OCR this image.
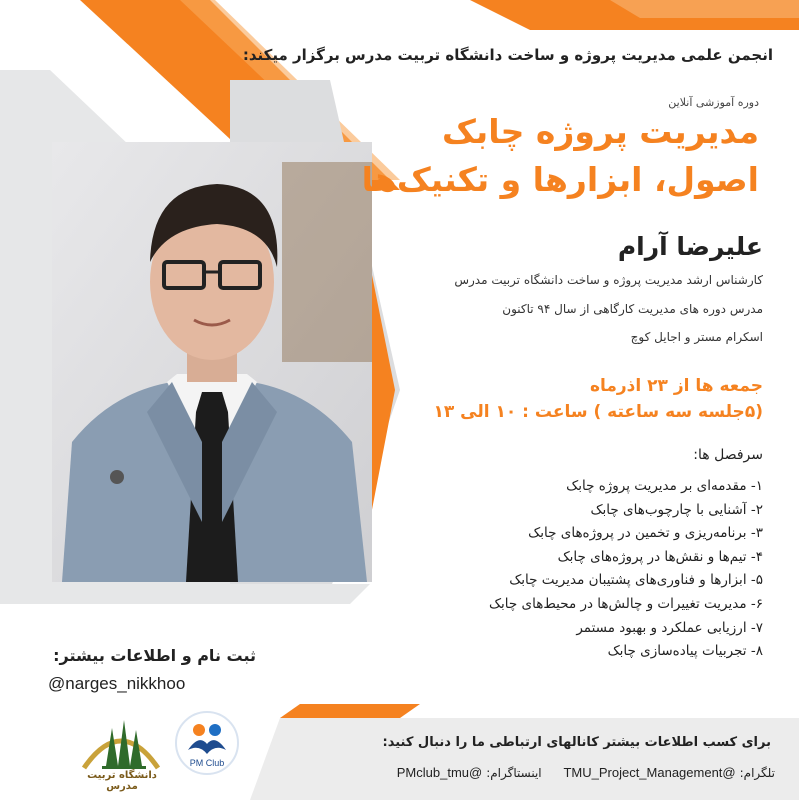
انجمن علمی مدیریت پروژه و ساخت دانشگاه تربیت مدرس برگزار میکند:
دوره آموزشی آنلاین
مدیریت پروژه چابک
اصول، ابزارها و تکنیک‌ها
علیرضا آرام
کارشناس ارشد مدیریت پروژه و ساخت دانشگاه تربیت مدرس
مدرس دوره های مدیریت کارگاهی از سال ۹۴ تاکنون
اسکرام مستر و اجایل کوچ
جمعه ها از ۲۳ اذرماه
(۵جلسه سه ساعته ) ساعت : ۱۰ الی ۱۳
سرفصل ها:
۱- مقدمه‌ای بر مدیریت پروژه چابک
۲- آشنایی با چارچوب‌های چابک
۳- برنامه‌ریزی و تخمین در پروژه‌های چابک
۴- تیم‌ها و نقش‌ها در پروژه‌های چابک
۵- ابزارها و فناوری‌های پشتیبان مدیریت چابک
۶- مدیریت تغییرات و چالش‌ها در محیط‌های چابک
۷- ارزیابی عملکرد و بهبود مستمر
۸- تجربیات پیاده‌سازی چابک
ثبت نام و اطلاعات بیشتر:
@narges_nikkhoo
دانشگاه تربیت مدرس
PM Club
برای کسب اطلاعات بیشتر کانالهای ارتباطی ما را دنبال کنید:
تلگرام:@TMU_Project_Management اینستاگرام:@PMclub_tmu
